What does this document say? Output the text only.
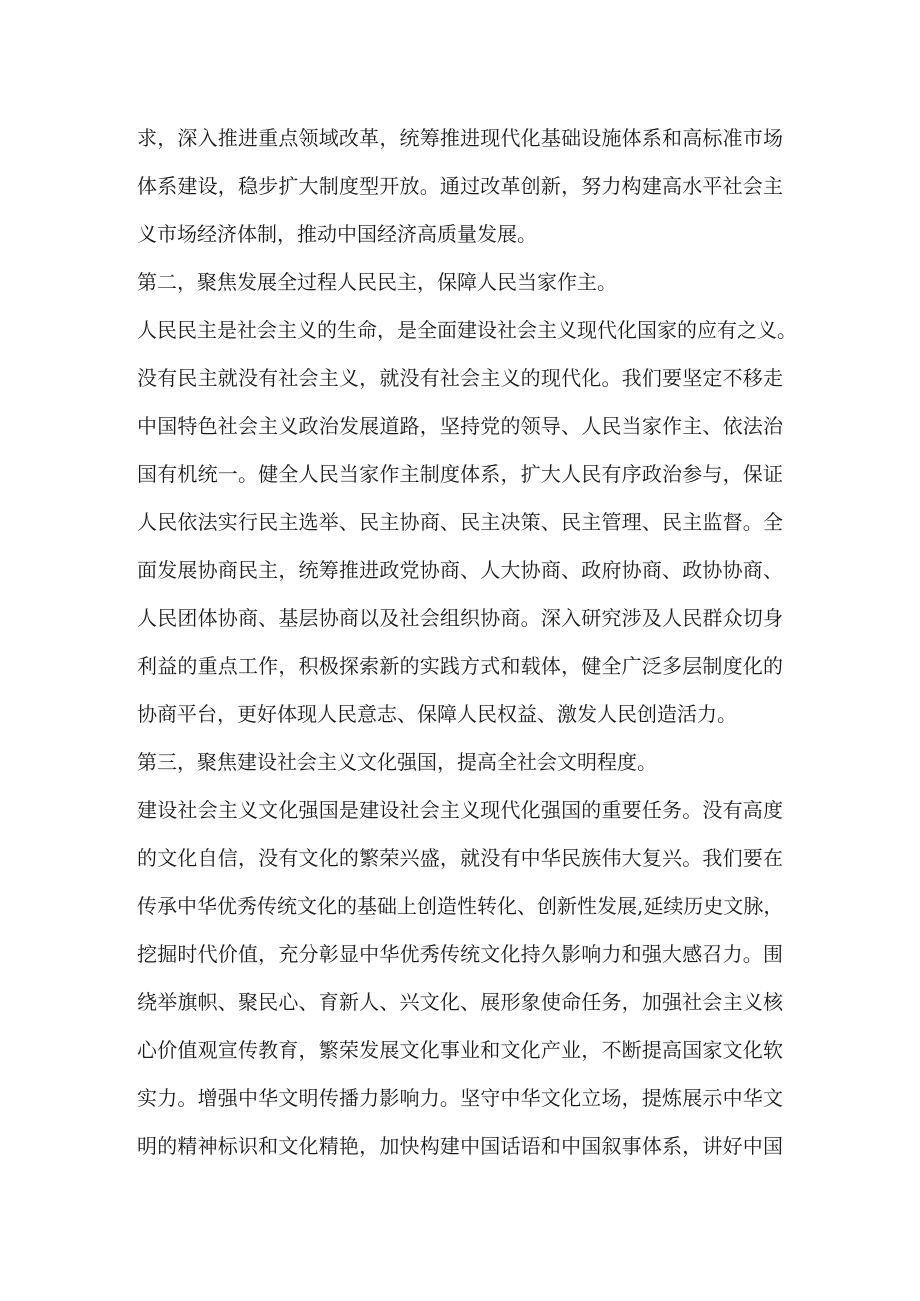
求，深入推进重点领域改革，统筹推进现代化基础设施体系和高标准市场
体系建设，稳步扩大制度型开放。通过改革创新，努力构建高水平社会主
义市场经济体制，推动中国经济高质量发展。
第二，聚焦发展全过程人民民主，保障人民当家作主。
人民民主是社会主义的生命，是全面建设社会主义现代化国家的应有之义。
没有民主就没有社会主义，就没有社会主义的现代化。我们要坚定不移走
中国特色社会主义政治发展道路，坚持党的领导、人民当家作主、依法治
国有机统一。健全人民当家作主制度体系，扩大人民有序政治参与，保证
人民依法实行民主选举、民主协商、民主决策、民主管理、民主监督。全
面发展协商民主，统筹推进政党协商、人大协商、政府协商、政协协商、
人民团体协商、基层协商以及社会组织协商。深入研究涉及人民群众切身
利益的重点工作，积极探索新的实践方式和载体，健全广泛多层制度化的
协商平台，更好体现人民意志、保障人民权益、激发人民创造活力。
第三，聚焦建设社会主义文化强国，提高全社会文明程度。
建设社会主义文化强国是建设社会主义现代化强国的重要任务。没有高度
的文化自信，没有文化的繁荣兴盛，就没有中华民族伟大复兴。我们要在
传承中华优秀传统文化的基础上创造性转化、创新性发展,延续历史文脉，
挖掘时代价值，充分彰显中华优秀传统文化持久影响力和强大感召力。围
绕举旗帜、聚民心、育新人、兴文化、展形象使命任务，加强社会主义核
心价值观宣传教育，繁荣发展文化事业和文化产业，不断提高国家文化软
实力。增强中华文明传播力影响力。坚守中华文化立场，提炼展示中华文
明的精神标识和文化精艳，加快构建中国话语和中国叙事体系，讲好中国
